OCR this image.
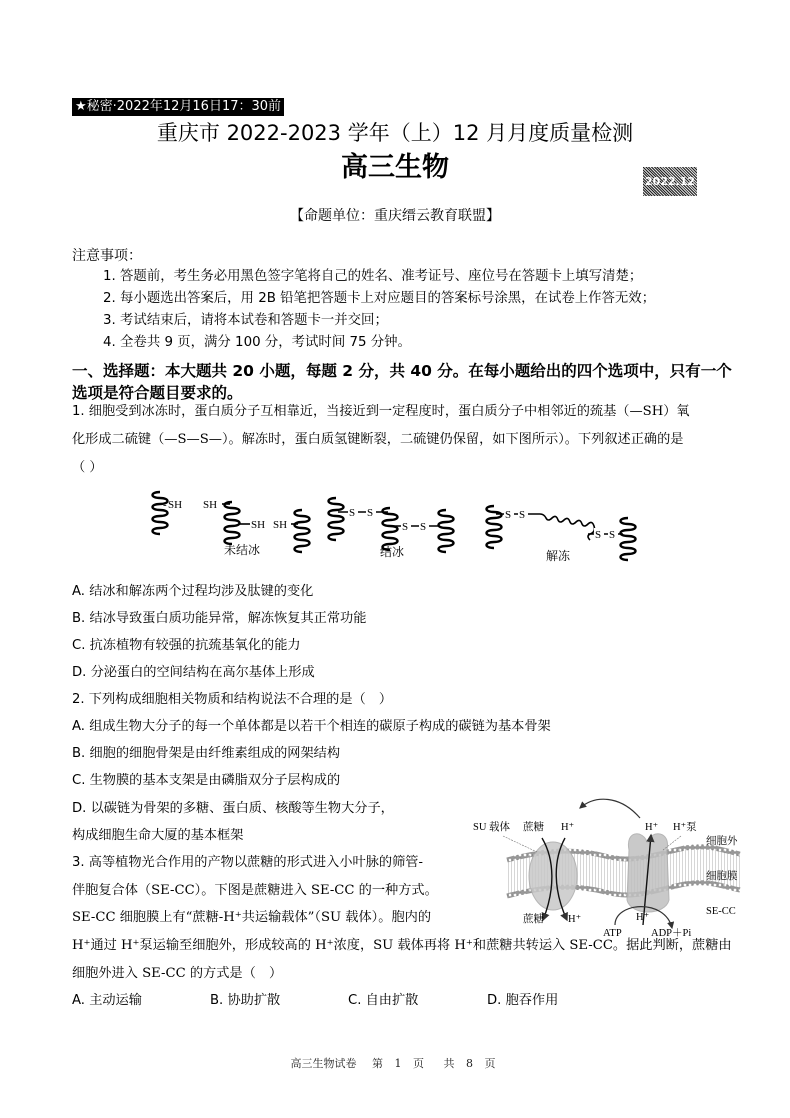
★秘密·2022年12月16日17：30前
重庆市 2022-2023 学年（上）12 月月度质量检测
高三生物	2022.12
【命题单位：重庆缙云教育联盟】
注意事项：
1. 答题前，考生务必用黑色签字笔将自己的姓名、准考证号、座位号在答题卡上填写清楚；
2. 每小题选出答案后，用 2B 铅笔把答题卡上对应题目的答案标号涂黑，在试卷上作答无效；
3. 考试结束后，请将本试卷和答题卡一并交回；
4. 全卷共 9 页，满分 100 分，考试时间 75 分钟。
一、选择题：本大题共 20 小题，每题 2 分，共 40 分。在每小题给出的四个选项中，只有一个选项是符合题目要求的。
1. 细胞受到冰冻时，蛋白质分子互相靠近，当接近到一定程度时，蛋白质分子中相邻近的巯基（—SH）氧
化形成二硫键（—S—S—）。解冻时，蛋白质氢键断裂，二硫键仍保留，如下图所示）。下列叙述正确的是
（ ）
SH
-	SH
SH SH
未结冰
S S
S S
结冰
S S
S S
解冻
A. 结冰和解冻两个过程均涉及肽键的变化
B. 结冰导致蛋白质功能异常，解冻恢复其正常功能
C. 抗冻植物有较强的抗巯基氧化的能力
D. 分泌蛋白的空间结构在高尔基体上形成
2. 下列构成细胞相关物质和结构说法不合理的是（　）
A. 组成生物大分子的每一个单体都是以若干个相连的碳原子构成的碳链为基本骨架
B. 细胞的细胞骨架是由纤维素组成的网架结构
C. 生物膜的基本支架是由磷脂双分子层构成的
D. 以碳链为骨架的多糖、蛋白质、核酸等生物大分子，
构成细胞生命大厦的基本框架
3. 高等植物光合作用的产物以蔗糖的形式进入小叶脉的筛管-
伴胞复合体（SE-CC）。下图是蔗糖进入 SE-CC 的一种方式。
SE-CC 细胞膜上有“蔗糖-H⁺共运输载体”（SU 载体）。胞内的
H⁺通过 H⁺泵运输至细胞外，形成较高的 H⁺浓度，SU 载体再将 H⁺和蔗糖共转运入 SE-CC。据此判断，蔗糖由
细胞外进入 SE-CC 的方式是（　）
A. 主动运输	B. 协助扩散	C. 自由扩散	D. 胞吞作用
SU 载体 蔗糖 H⁺	H⁺ H⁺泵
细胞外
细胞膜
SE-CC
蔗糖 H⁺	H⁺
ATP	ADP＋Pi
高三生物试卷 第 1 页 共 8 页
